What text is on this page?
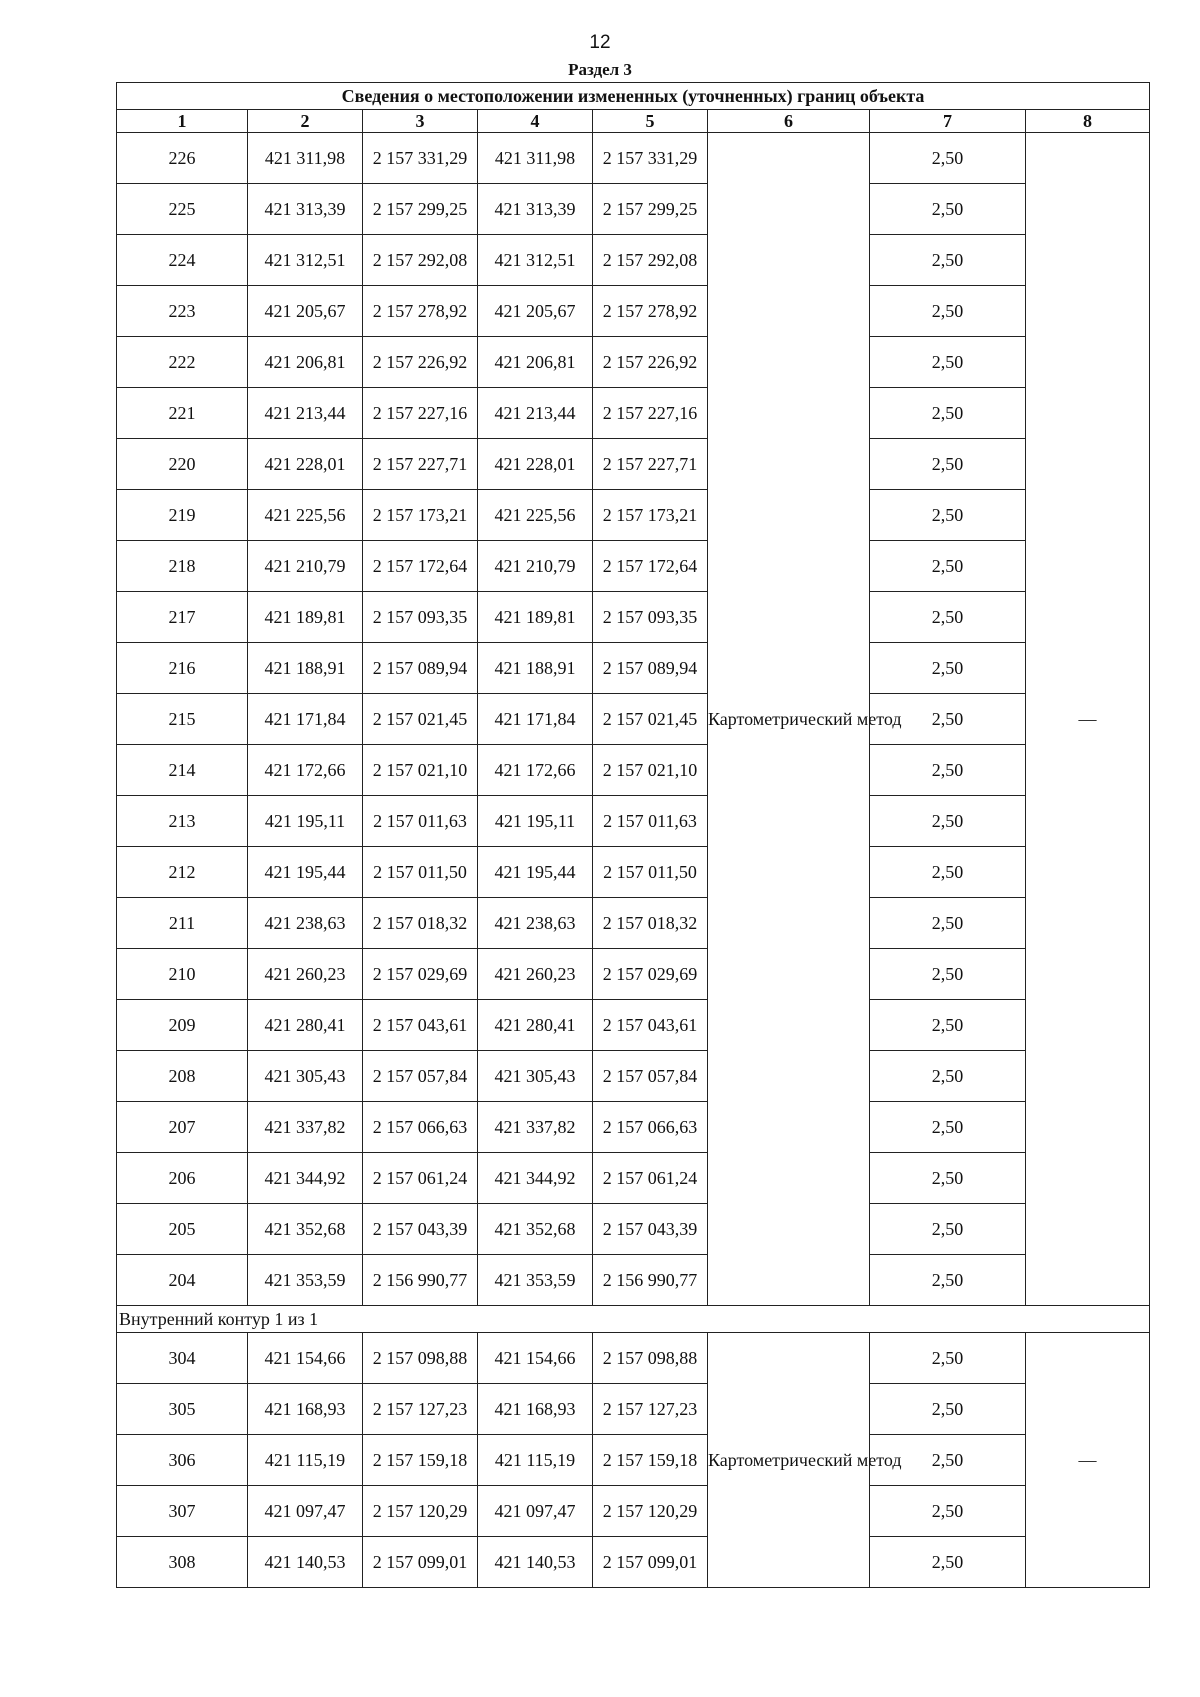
12
Раздел 3
Сведения о местоположении измененных (уточненных) границ объекта							
1	2	3	4	5	6	7	8
226	421 311,98	2 157 331,29	421 311,98	2 157 331,29	Картометрический метод	2,50	—
225	421 313,39	2 157 299,25	421 313,39	2 157 299,25		2,50	
224	421 312,51	2 157 292,08	421 312,51	2 157 292,08		2,50	
223	421 205,67	2 157 278,92	421 205,67	2 157 278,92		2,50	
222	421 206,81	2 157 226,92	421 206,81	2 157 226,92		2,50	
221	421 213,44	2 157 227,16	421 213,44	2 157 227,16		2,50	
220	421 228,01	2 157 227,71	421 228,01	2 157 227,71		2,50	
219	421 225,56	2 157 173,21	421 225,56	2 157 173,21		2,50	
218	421 210,79	2 157 172,64	421 210,79	2 157 172,64		2,50	
217	421 189,81	2 157 093,35	421 189,81	2 157 093,35		2,50	
216	421 188,91	2 157 089,94	421 188,91	2 157 089,94		2,50	
215	421 171,84	2 157 021,45	421 171,84	2 157 021,45		2,50	
214	421 172,66	2 157 021,10	421 172,66	2 157 021,10		2,50	
213	421 195,11	2 157 011,63	421 195,11	2 157 011,63		2,50	
212	421 195,44	2 157 011,50	421 195,44	2 157 011,50		2,50	
211	421 238,63	2 157 018,32	421 238,63	2 157 018,32		2,50	
210	421 260,23	2 157 029,69	421 260,23	2 157 029,69		2,50	
209	421 280,41	2 157 043,61	421 280,41	2 157 043,61		2,50	
208	421 305,43	2 157 057,84	421 305,43	2 157 057,84		2,50	
207	421 337,82	2 157 066,63	421 337,82	2 157 066,63		2,50	
206	421 344,92	2 157 061,24	421 344,92	2 157 061,24		2,50	
205	421 352,68	2 157 043,39	421 352,68	2 157 043,39		2,50	
204	421 353,59	2 156 990,77	421 353,59	2 156 990,77		2,50	
Внутренний контур 1 из 1							
304	421 154,66	2 157 098,88	421 154,66	2 157 098,88	Картометрический метод	2,50	—
305	421 168,93	2 157 127,23	421 168,93	2 157 127,23		2,50	
306	421 115,19	2 157 159,18	421 115,19	2 157 159,18		2,50	
307	421 097,47	2 157 120,29	421 097,47	2 157 120,29		2,50	
308	421 140,53	2 157 099,01	421 140,53	2 157 099,01		2,50	
